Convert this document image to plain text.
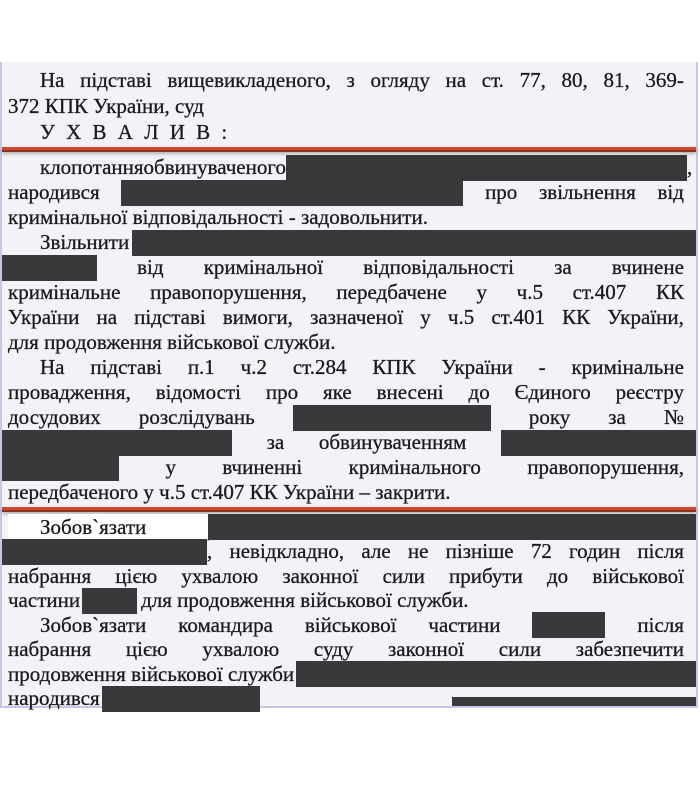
На підставі вищевикладеного, з огляду на ст. 77, 80, 81, 369-
372 КПК України, суд
У Х В А Л И В :
клопотання обвинуваченого	,
народився	про звільнення від
кримінальної відповідальності - задовольнити.
Звільнити
від кримінальної відповідальності за вчинене
кримінальне правопорушення, передбачене у ч.5 ст.407 КК
України на підставі вимоги, зазначеної у ч.5 ст.401 КК України,
для продовження військової служби.
На підставі п.1 ч.2 ст.284 КПК України - кримінальне
провадження, відомості про яке внесені до Єдиного реєстру
досудових розслідувань	року за №
за обвинуваченням
у вчиненні кримінального правопорушення,
передбаченого у ч.5 ст.407 КК України – закрити.
Зобов`язати
, невідкладно, але не пізніше 72 годин після
набрання цією ухвалою законної сили прибути до військової
частини	для продовження військової служби.
Зобов`язати командира військової частини	після
набрання цією ухвалою суду законної сили забезпечити
продовження військової служби
народився
